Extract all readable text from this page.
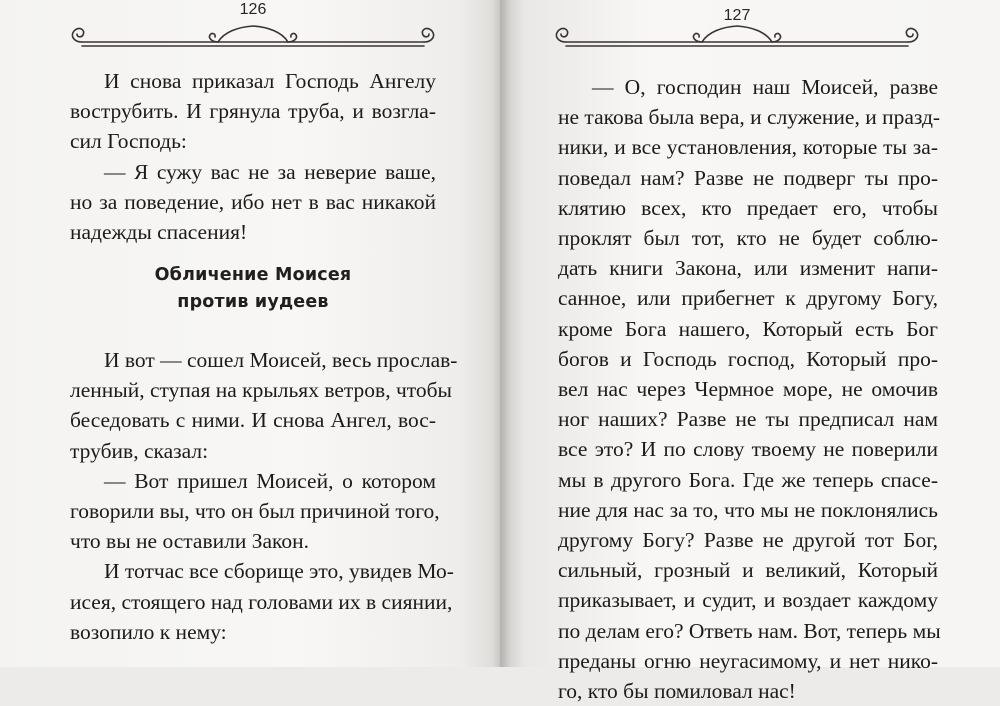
126
И снова приказал Господь Ангелу
вострубить. И грянула труба, и возгла-
сил Господь:
— Я сужу вас не за неверие ваше,
но за поведение, ибо нет в вас никакой
надежды спасения!
Обличение Моисея
против иудеев
И вот — сошел Моисей, весь прослав-
ленный, ступая на крыльях ветров, чтобы
беседовать с ними. И снова Ангел, вос-
трубив, сказал:
— Вот пришел Моисей, о котором
говорили вы, что он был причиной того,
что вы не оставили Закон.
И тотчас все сборище это, увидев Мо-
исея, стоящего над головами их в сиянии,
возопило к нему:
127
— О, господин наш Моисей, разве
не такова была вера, и служение, и празд-
ники, и все установления, которые ты за-
поведал нам? Разве не подверг ты про-
клятию всех, кто предает его, чтобы
проклят был тот, кто не будет соблю-
дать книги Закона, или изменит напи-
санное, или прибегнет к другому Богу,
кроме Бога нашего, Который есть Бог
богов и Господь господ, Который про-
вел нас через Чермное море, не омочив
ног наших? Разве не ты предписал нам
все это? И по слову твоему не поверили
мы в другого Бога. Где же теперь спасе-
ние для нас за то, что мы не поклонялись
другому Богу? Разве не другой тот Бог,
сильный, грозный и великий, Который
приказывает, и судит, и воздает каждому
по делам его? Ответь нам. Вот, теперь мы
преданы огню неугасимому, и нет нико-
го, кто бы помиловал нас!
